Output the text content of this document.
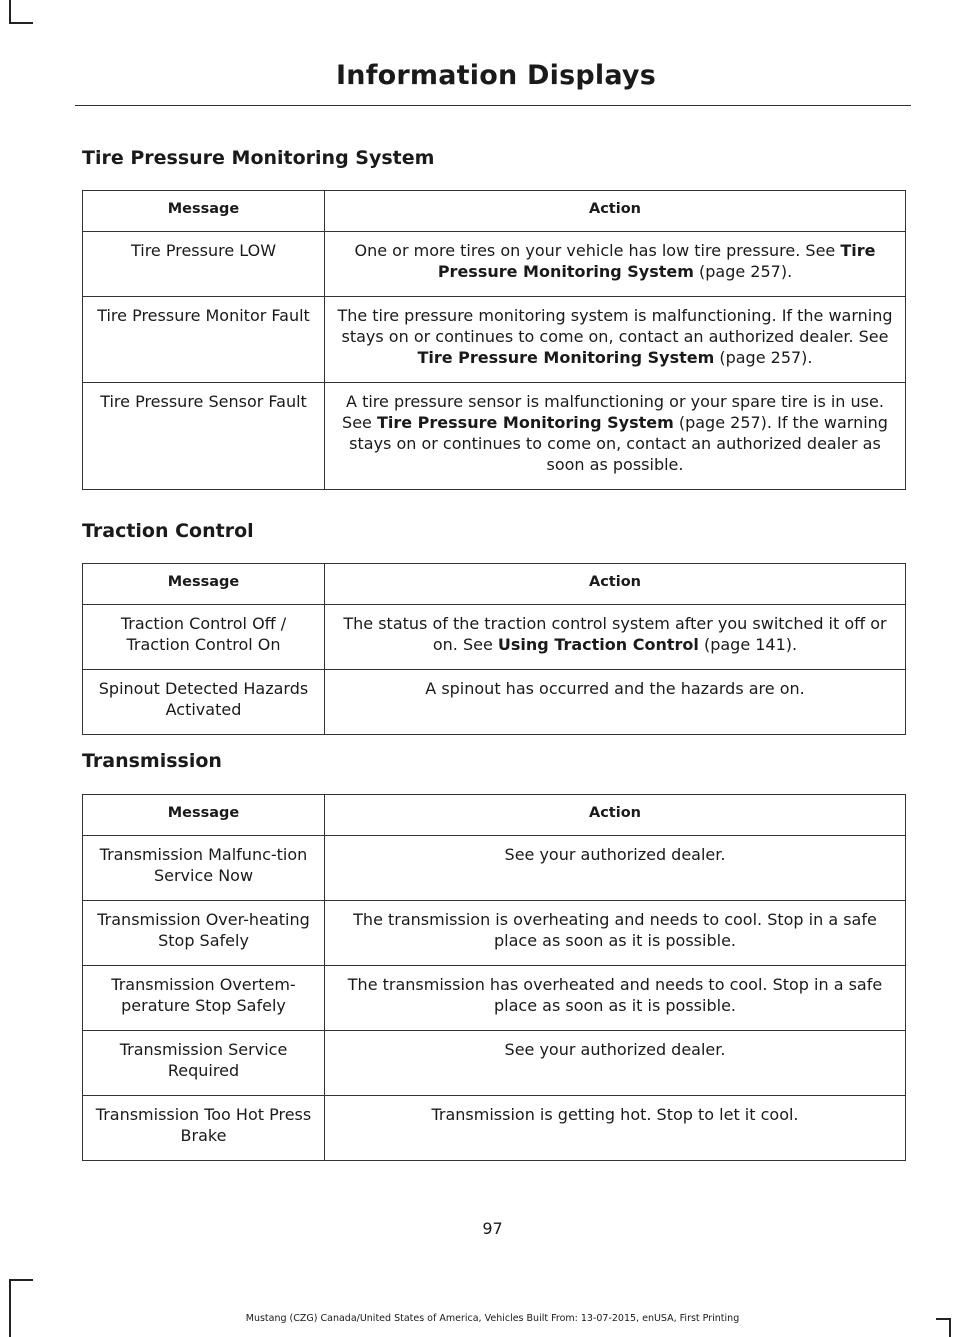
Information Displays
Tire Pressure Monitoring System
Message	Action
Tire Pressure LOW	One or more tires on your vehicle has low tire pressure. See Tire Pressure Monitoring System (page 257).
Tire Pressure Monitor Fault	The tire pressure monitoring system is malfunctioning. If the warning stays on or continues to come on, contact an authorized dealer. See Tire Pressure Monitoring System (page 257).
Tire Pressure Sensor Fault	A tire pressure sensor is malfunctioning or your spare tire is in use. See Tire Pressure Monitoring System (page 257). If the warning stays on or continues to come on, contact an authorized dealer as soon as possible.
Traction Control
Message	Action
Traction Control Off / Traction Control On	The status of the traction control system after you switched it off or on. See Using Traction Control (page 141).
Spinout Detected Hazards Activated	A spinout has occurred and the hazards are on.
Transmission
Message	Action
Transmission Malfunc-tion Service Now	See your authorized dealer.
Transmission Over-heating Stop Safely	The transmission is overheating and needs to cool. Stop in a safe place as soon as it is possible.
Transmission Overtem-perature Stop Safely	The transmission has overheated and needs to cool. Stop in a safe place as soon as it is possible.
Transmission Service Required	See your authorized dealer.
Transmission Too Hot Press Brake	Transmission is getting hot. Stop to let it cool.
97
Mustang (CZG) Canada/United States of America, Vehicles Built From: 13-07-2015, enUSA, First Printing
